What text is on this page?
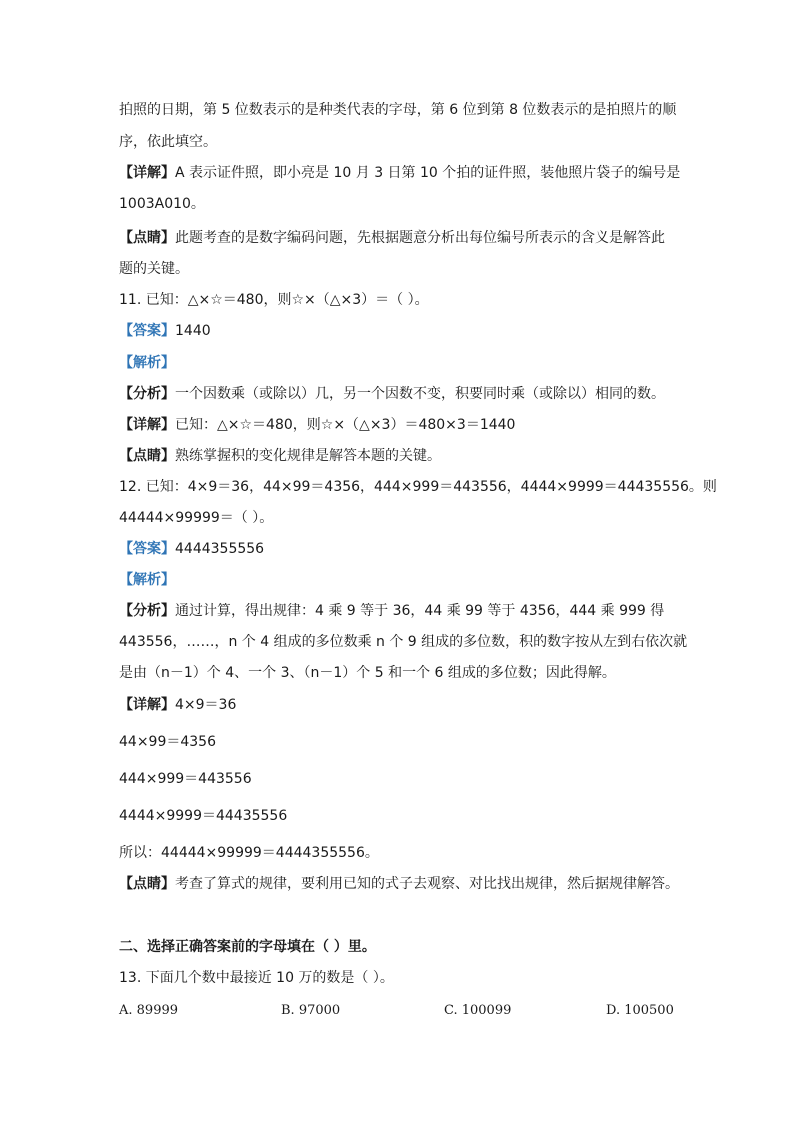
拍照的日期，第 5 位数表示的是种类代表的字母，第 6 位到第 8 位数表示的是拍照片的顺
序，依此填空。
【详解】A 表示证件照，即小亮是 10 月 3 日第 10 个拍的证件照，装他照片袋子的编号是
1003A010。
【点睛】此题考查的是数字编码问题，先根据题意分析出每位编号所表示的含义是解答此
题的关键。
11. 已知：△×☆＝480，则☆×（△×3）＝（ ）。
【答案】1440
【解析】
【分析】一个因数乘（或除以）几，另一个因数不变，积要同时乘（或除以）相同的数。
【详解】已知：△×☆＝480，则☆×（△×3）＝480×3＝1440
【点睛】熟练掌握积的变化规律是解答本题的关键。
12. 已知：4×9＝36，44×99＝4356，444×999＝443556，4444×9999＝44435556。则
44444×99999＝（ ）。
【答案】4444355556
【解析】
【分析】通过计算，得出规律：4 乘 9 等于 36，44 乘 99 等于 4356，444 乘 999 得
443556，……，n 个 4 组成的多位数乘 n 个 9 组成的多位数，积的数字按从左到右依次就
是由（n－1）个 4、一个 3、（n－1）个 5 和一个 6 组成的多位数；因此得解。
【详解】4×9＝36
44×99＝4356
444×999＝443556
4444×9999＝44435556
所以：44444×99999＝4444355556。
【点睛】考查了算式的规律，要利用已知的式子去观察、对比找出规律，然后据规律解答。
二、选择正确答案前的字母填在（ ）里。
13. 下面几个数中最接近 10 万的数是（ ）。
A. 89999	B. 97000	C. 100099	D. 100500
